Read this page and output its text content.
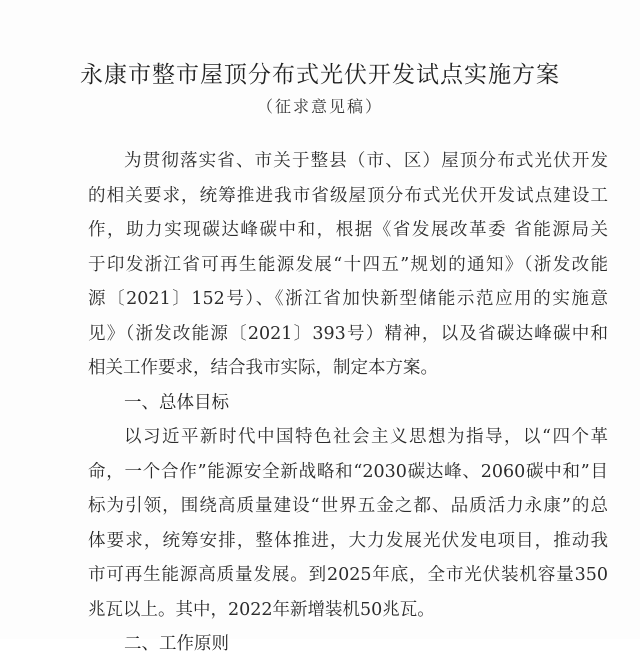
永康市整市屋顶分布式光伏开发试点实施方案
（征求意见稿）
为贯彻落实省、市关于整县（市、区）屋顶分布式光伏开发
的相关要求，统筹推进我市省级屋顶分布式光伏开发试点建设工
作，助力实现碳达峰碳中和，根据《省发展改革委 省能源局关
于印发浙江省可再生能源发展“十四五”规划的通知》（浙发改能
源〔2021〕152号）、《浙江省加快新型储能示范应用的实施意
见》（浙发改能源〔2021〕393号）精神，以及省碳达峰碳中和
相关工作要求，结合我市实际，制定本方案。
一、总体目标
以习近平新时代中国特色社会主义思想为指导，以“四个革
命，一个合作”能源安全新战略和“2030碳达峰、2060碳中和”目
标为引领，围绕高质量建设“世界五金之都、品质活力永康”的总
体要求，统筹安排，整体推进，大力发展光伏发电项目，推动我
市可再生能源高质量发展。到2025年底，全市光伏装机容量350
兆瓦以上。其中，2022年新增装机50兆瓦。
二、工作原则
